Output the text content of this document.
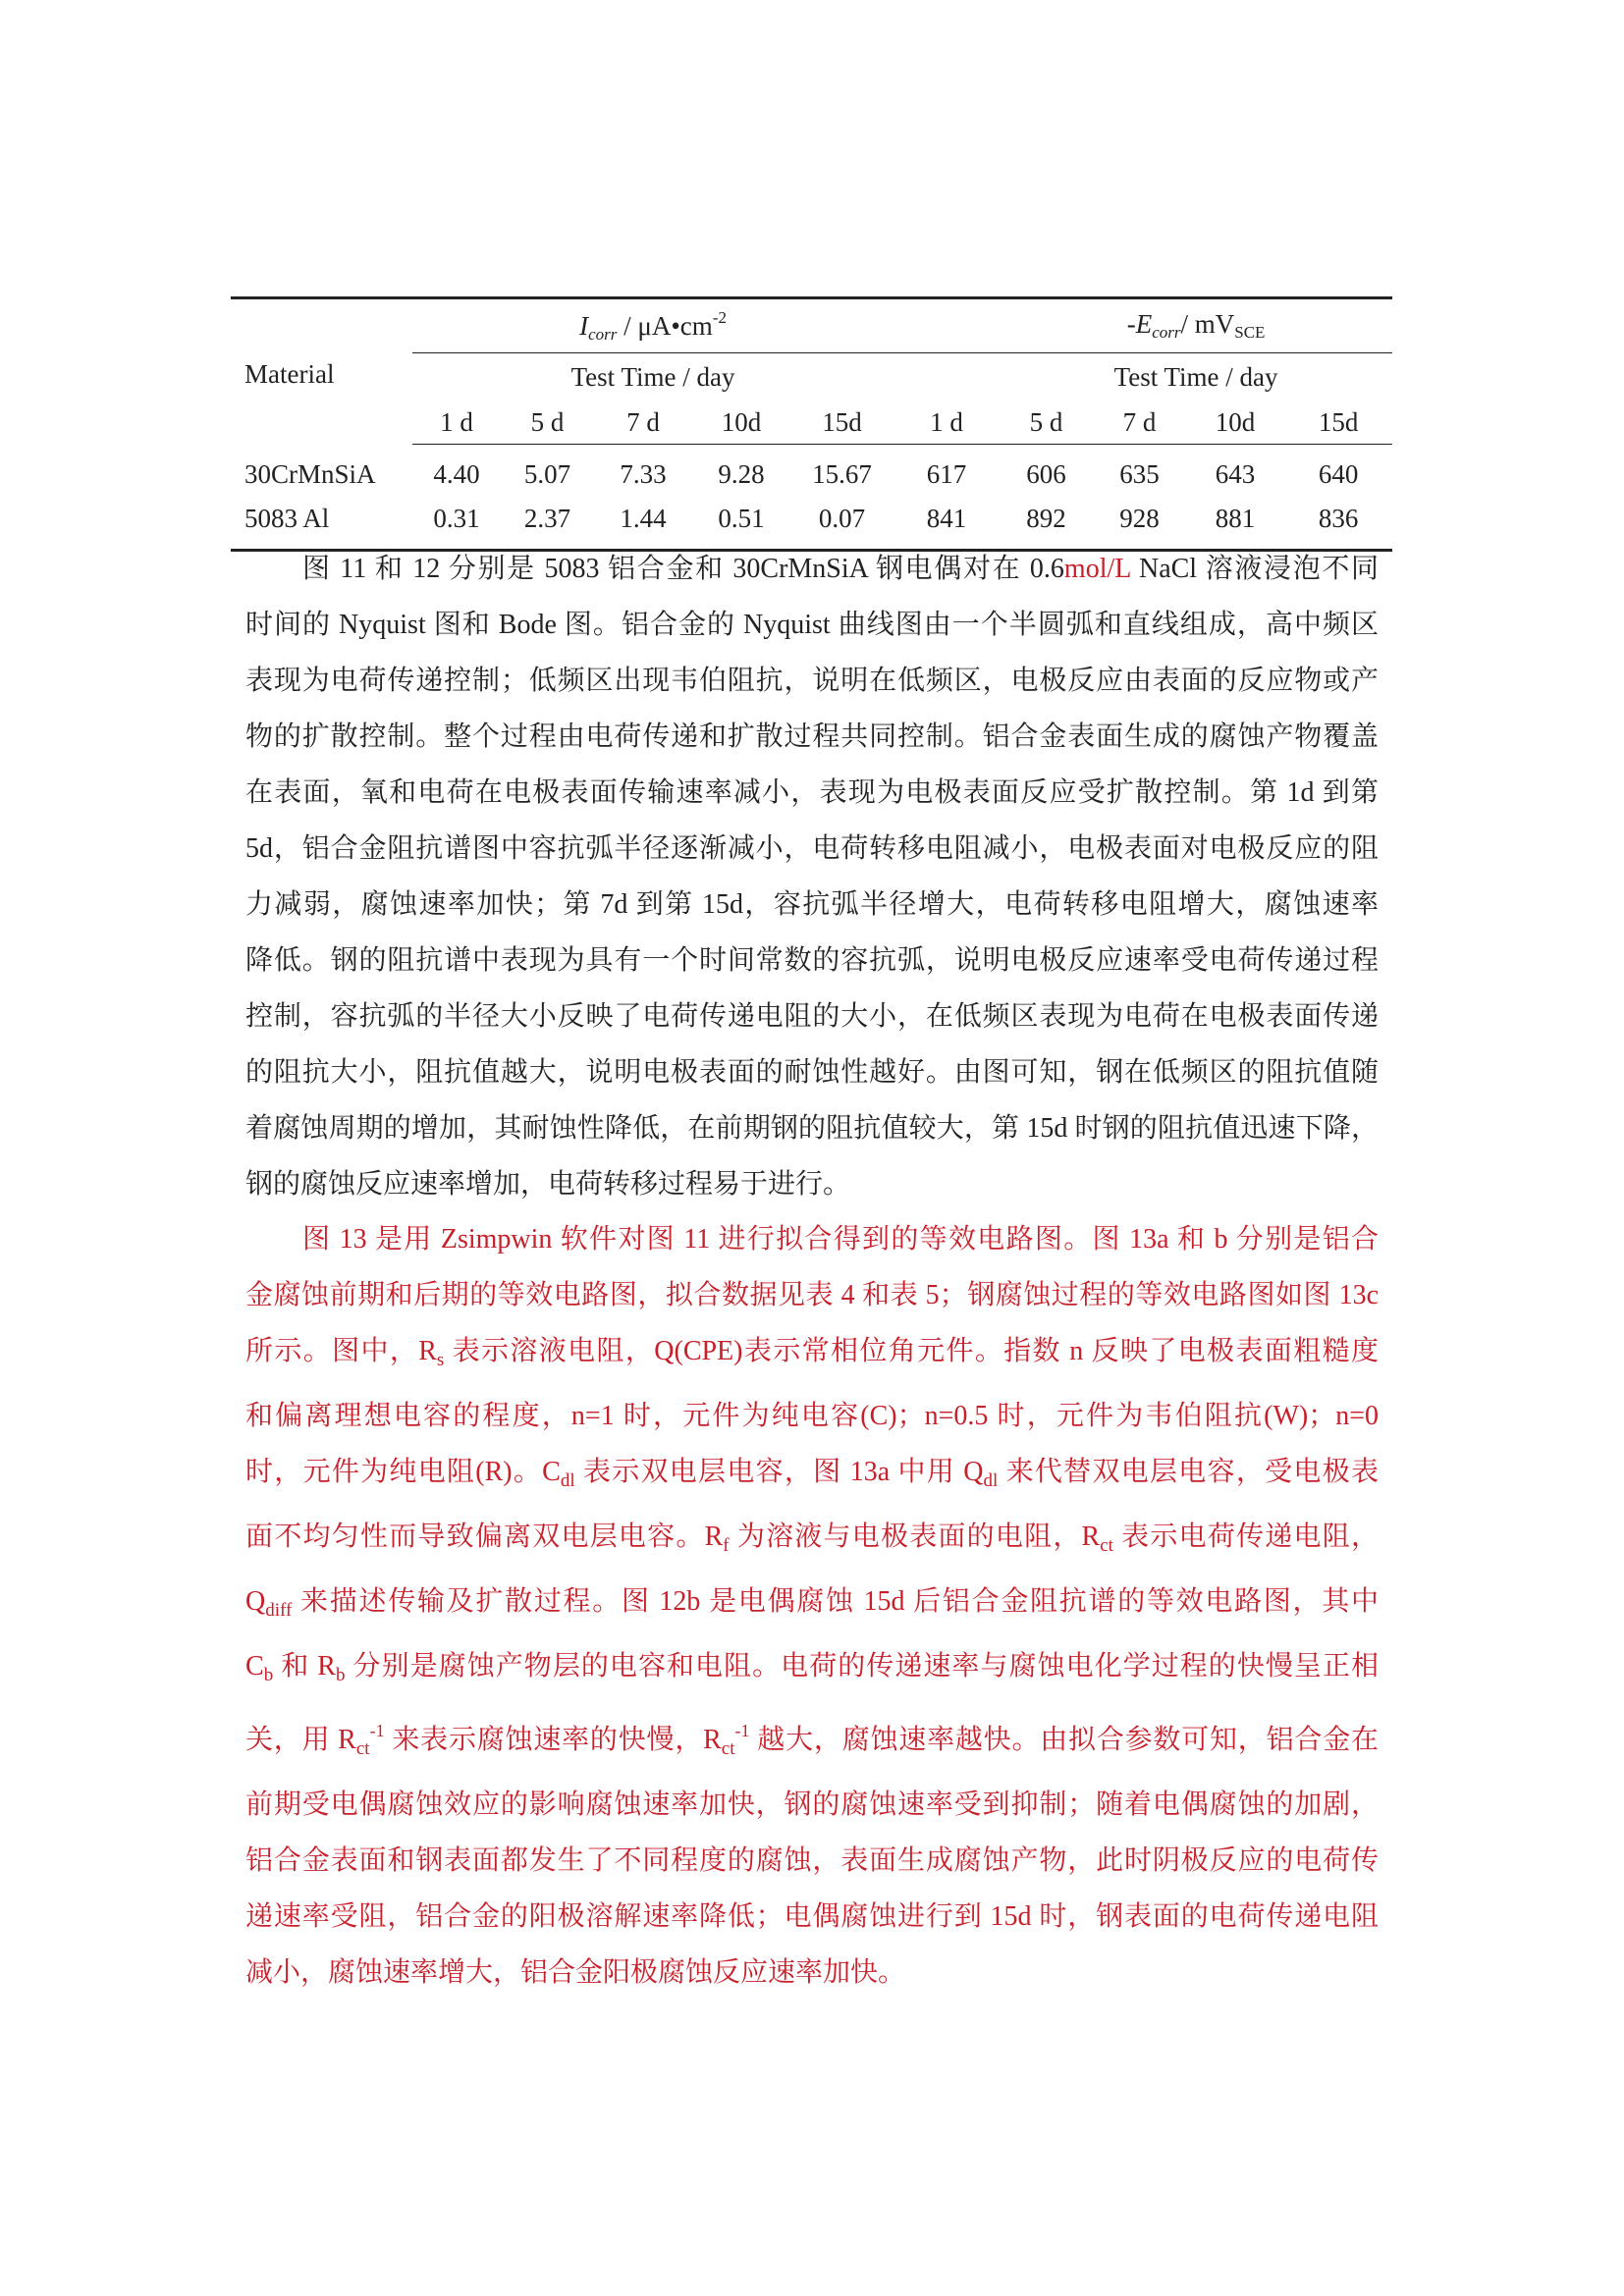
Material	$I_{corr}$ / $\mu A•cm^{-2}$						$-E_{corr}/$ $mV_{SCE}$
	Test Time / day						Test Time / day			
	1 d	5 d	7 d	10d	15d	1 d	5 d	7 d	10d	15d
30CrMnSiA	4.40	5.07	7.33	9.28	15.67	617	606	635	643	640
5083 Al	0.31	2.37	1.44	0.51	0.07	841	892	928	881	836

图 11 和 12 分别是 5083 铝合金和 30CrMnSiA 钢电偶对在 0.6mol/L NaCl 溶液浸泡不同

时间的 Nyquist 图和 Bode 图。铝合金的 Nyquist 曲线图由一个半圆弧和直线组成，高中频区

表现为电荷传递控制；低频区出现韦伯阻抗，说明在低频区，电极反应由表面的反应物或产

物的扩散控制。整个过程由电荷传递和扩散过程共同控制。铝合金表面生成的腐蚀产物覆盖

在表面，氧和电荷在电极表面传输速率减小，表现为电极表面反应受扩散控制。第 1d 到第

5d，铝合金阻抗谱图中容抗弧半径逐渐减小，电荷转移电阻减小，电极表面对电极反应的阻

力减弱，腐蚀速率加快；第 7d 到第 15d，容抗弧半径增大，电荷转移电阻增大，腐蚀速率

降低。钢的阻抗谱中表现为具有一个时间常数的容抗弧，说明电极反应速率受电荷传递过程

控制，容抗弧的半径大小反映了电荷传递电阻的大小，在低频区表现为电荷在电极表面传递

的阻抗大小，阻抗值越大，说明电极表面的耐蚀性越好。由图可知，钢在低频区的阻抗值随

着腐蚀周期的增加，其耐蚀性降低，在前期钢的阻抗值较大，第 15d 时钢的阻抗值迅速下降，

钢的腐蚀反应速率增加，电荷转移过程易于进行。

图 13 是用 Zsimpwin 软件对图 11 进行拟合得到的等效电路图。图 13a 和 b 分别是铝合

金腐蚀前期和后期的等效电路图，拟合数据见表 4 和表 5；钢腐蚀过程的等效电路图如图 13c

所示。图中，$R_s$ 表示溶液电阻，Q(CPE)表示常相位角元件。指数 n 反映了电极表面粗糙度

和偏离理想电容的程度，n=1 时，元件为纯电容(C)；n=0.5 时，元件为韦伯阻抗(W)；n=0

时，元件为纯电阻(R)。$C_{dl}$ 表示双电层电容，图 13a 中用 $Q_{dl}$ 来代替双电层电容，受电极表

面不均匀性而导致偏离双电层电容。$R_f$ 为溶液与电极表面的电阻，$R_{ct}$ 表示电荷传递电阻，

$Q_{diff}$ 来描述传输及扩散过程。图 12b 是电偶腐蚀 15d 后铝合金阻抗谱的等效电路图，其中

$C_b$ 和 $R_b$ 分别是腐蚀产物层的电容和电阻。电荷的传递速率与腐蚀电化学过程的快慢呈正相

关，用 $R_{ct}^{-1}$ 来表示腐蚀速率的快慢，$R_{ct}^{-1}$ 越大，腐蚀速率越快。由拟合参数可知，铝合金在

前期受电偶腐蚀效应的影响腐蚀速率加快，钢的腐蚀速率受到抑制；随着电偶腐蚀的加剧，

铝合金表面和钢表面都发生了不同程度的腐蚀，表面生成腐蚀产物，此时阴极反应的电荷传

递速率受阻，铝合金的阳极溶解速率降低；电偶腐蚀进行到 15d 时，钢表面的电荷传递电阻

减小，腐蚀速率增大，铝合金阳极腐蚀反应速率加快。
